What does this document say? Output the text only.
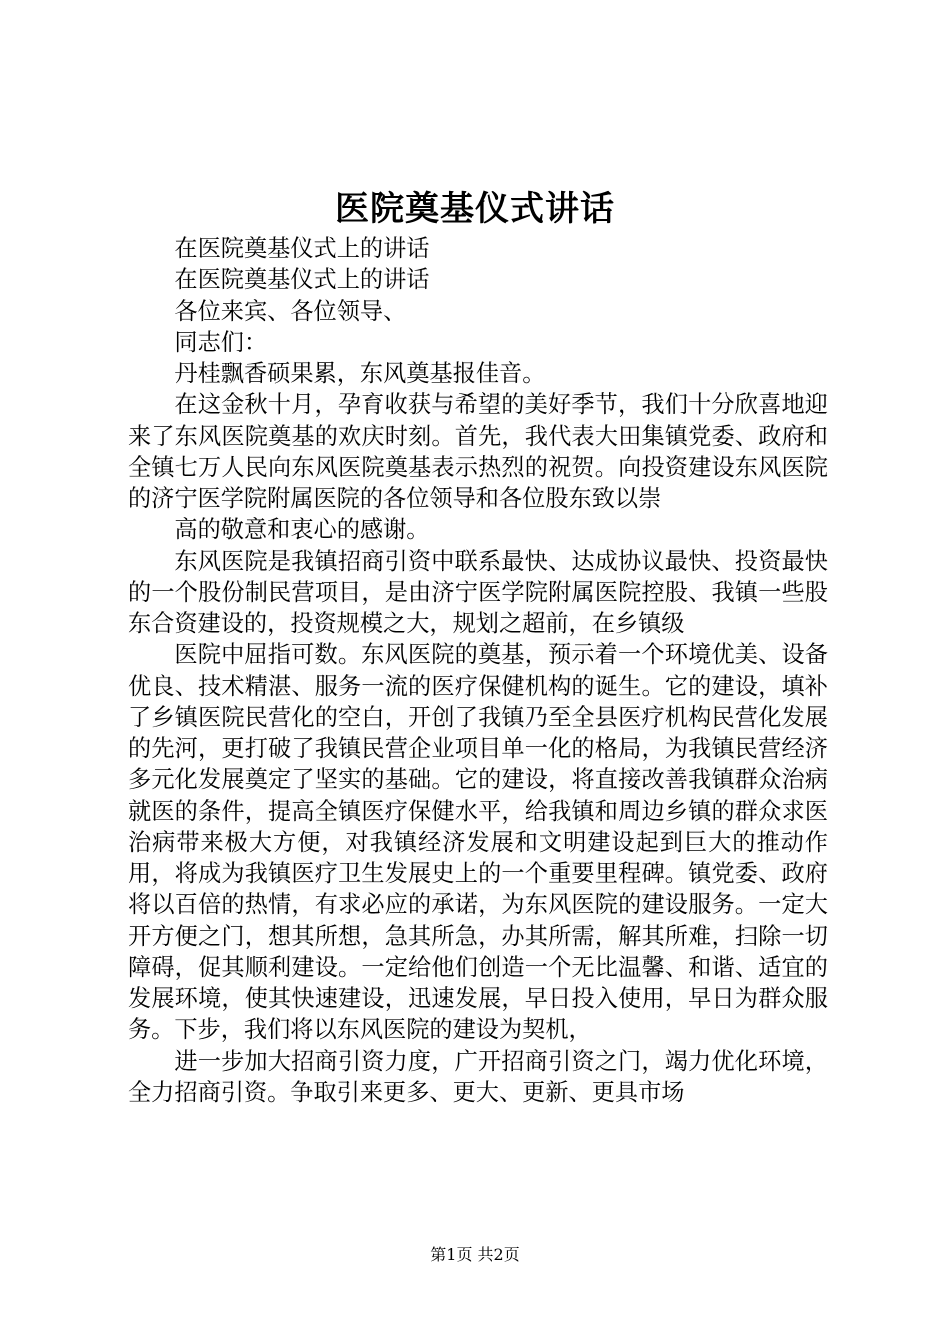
医院奠基仪式讲话

在医院奠基仪式上的讲话

在医院奠基仪式上的讲话

各位来宾、各位领导、

同志们：

丹桂飘香硕果累，东风奠基报佳音。

在这金秋十月，孕育收获与希望的美好季节，我们十分欣喜地迎来了东风医院奠基的欢庆时刻。首先，我代表大田集镇党委、政府和全镇七万人民向东风医院奠基表示热烈的祝贺。向投资建设东风医院的济宁医学院附属医院的各位领导和各位股东致以崇

高的敬意和衷心的感谢。

东风医院是我镇招商引资中联系最快、达成协议最快、投资最快的一个股份制民营项目，是由济宁医学院附属医院控股、我镇一些股东合资建设的，投资规模之大，规划之超前，在乡镇级

医院中屈指可数。东风医院的奠基，预示着一个环境优美、设备优良、技术精湛、服务一流的医疗保健机构的诞生。它的建设，填补了乡镇医院民营化的空白，开创了我镇乃至全县医疗机构民营化发展的先河，更打破了我镇民营企业项目单一化的格局，为我镇民营经济多元化发展奠定了坚实的基础。它的建设，将直接改善我镇群众治病就医的条件，提高全镇医疗保健水平，给我镇和周边乡镇的群众求医治病带来极大方便，对我镇经济发展和文明建设起到巨大的推动作用，将成为我镇医疗卫生发展史上的一个重要里程碑。镇党委、政府将以百倍的热情，有求必应的承诺，为东风医院的建设服务。一定大开方便之门，想其所想，急其所急，办其所需，解其所难，扫除一切障碍，促其顺利建设。一定给他们创造一个无比温馨、和谐、适宜的发展环境，使其快速建设，迅速发展，早日投入使用，早日为群众服务。下步，我们将以东风医院的建设为契机，

进一步加大招商引资力度，广开招商引资之门，竭力优化环境，全力招商引资。争取引来更多、更大、更新、更具市场

第1页 共2页
